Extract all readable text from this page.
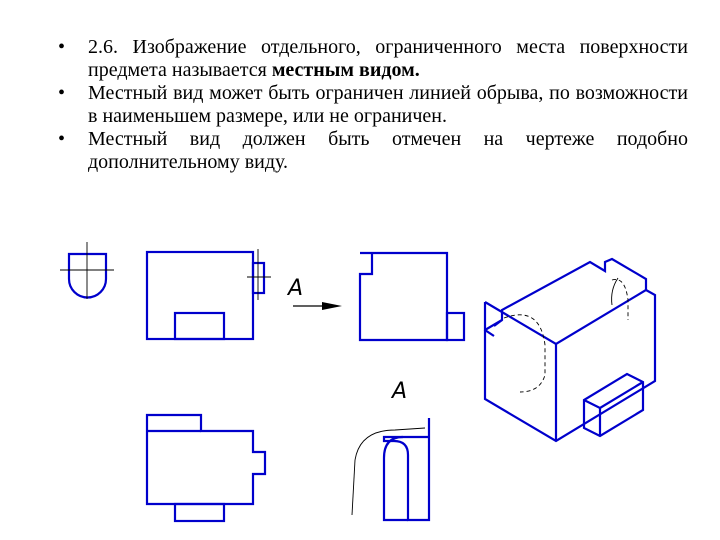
• 2.6. Изображение отдельного, ограниченного места поверхности предмета называется местным видом.
• Местный вид может быть ограничен линией обрыва, по возможности в наименьшем размере, или не ограничен.
• Местный вид должен быть отмечен на чертеже подобно дополнительному виду.
A
A
